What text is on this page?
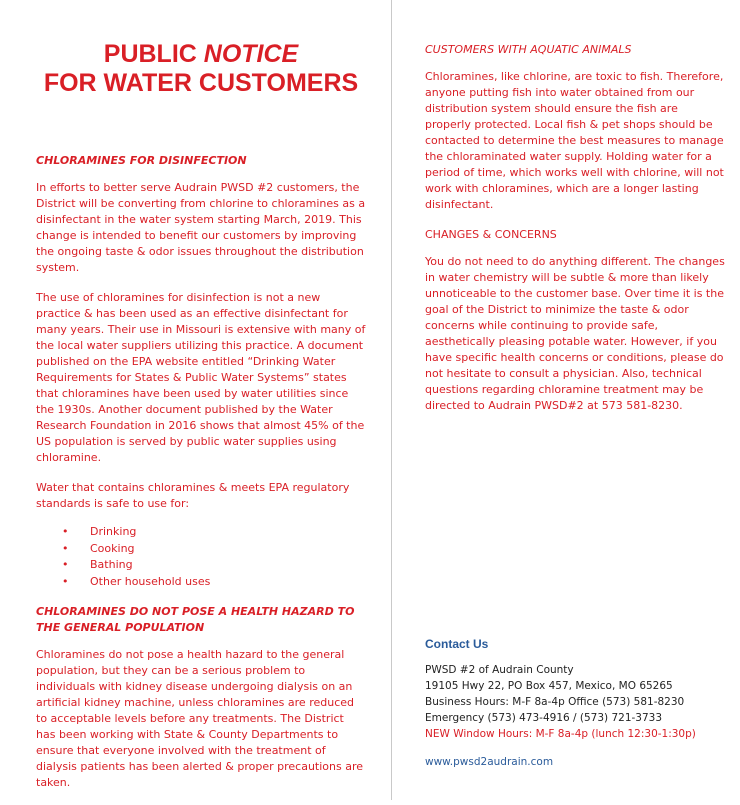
PUBLIC NOTICE
FOR WATER CUSTOMERS
CHLORAMINES FOR DISINFECTION

In efforts to better serve Audrain PWSD #2 customers, the District will be converting from chlorine to chloramines as a disinfectant in the water system starting March, 2019. This change is intended to benefit our customers by improving the ongoing taste & odor issues throughout the distribution system.

The use of chloramines for disinfection is not a new practice & has been used as an effective disinfectant for many years. Their use in Missouri is extensive with many of the local water suppliers utilizing this practice. A document published on the EPA website entitled “Drinking Water Requirements for States & Public Water Systems” states that chloramines have been used by water utilities since the 1930s. Another document published by the Water Research Foundation in 2016 shows that almost 45% of the US population is served by public water supplies using chloramine.

Water that contains chloramines & meets EPA regulatory standards is safe to use for:

• Drinking
• Cooking
• Bathing
• Other household uses
CHLORAMINES DO NOT POSE A HEALTH HAZARD TO THE GENERAL POPULATION

Chloramines do not pose a health hazard to the general population, but they can be a serious problem to individuals with kidney disease undergoing dialysis on an artificial kidney machine, unless chloramines are reduced to acceptable levels before any treatments. The District has been working with State & County Departments to ensure that everyone involved with the treatment of dialysis patients has been alerted & proper precautions are taken.

CUSTOMERS WITH AQUATIC ANIMALS

Chloramines, like chlorine, are toxic to fish. Therefore, anyone putting fish into water obtained from our distribution system should ensure the fish are properly protected. Local fish & pet shops should be contacted to determine the best measures to manage the chloraminated water supply. Holding water for a period of time, which works well with chlorine, will not work with chloramines, which are a longer lasting disinfectant.

CHANGES & CONCERNS

You do not need to do anything different. The changes in water chemistry will be subtle & more than likely unnoticeable to the customer base. Over time it is the goal of the District to minimize the taste & odor concerns while continuing to provide safe, aesthetically pleasing potable water. However, if you have specific health concerns or conditions, please do not hesitate to consult a physician. Also, technical questions regarding chloramine treatment may be directed to Audrain PWSD#2 at 573 581-8230.

Contact Us
PWSD #2 of Audrain County
19105 Hwy 22, PO Box 457, Mexico, MO 65265
Business Hours: M-F 8a-4p Office (573) 581-8230
Emergency (573) 473-4916 / (573) 721-3733
NEW Window Hours: M-F 8a-4p (lunch 12:30-1:30p)
www.pwsd2audrain.com
